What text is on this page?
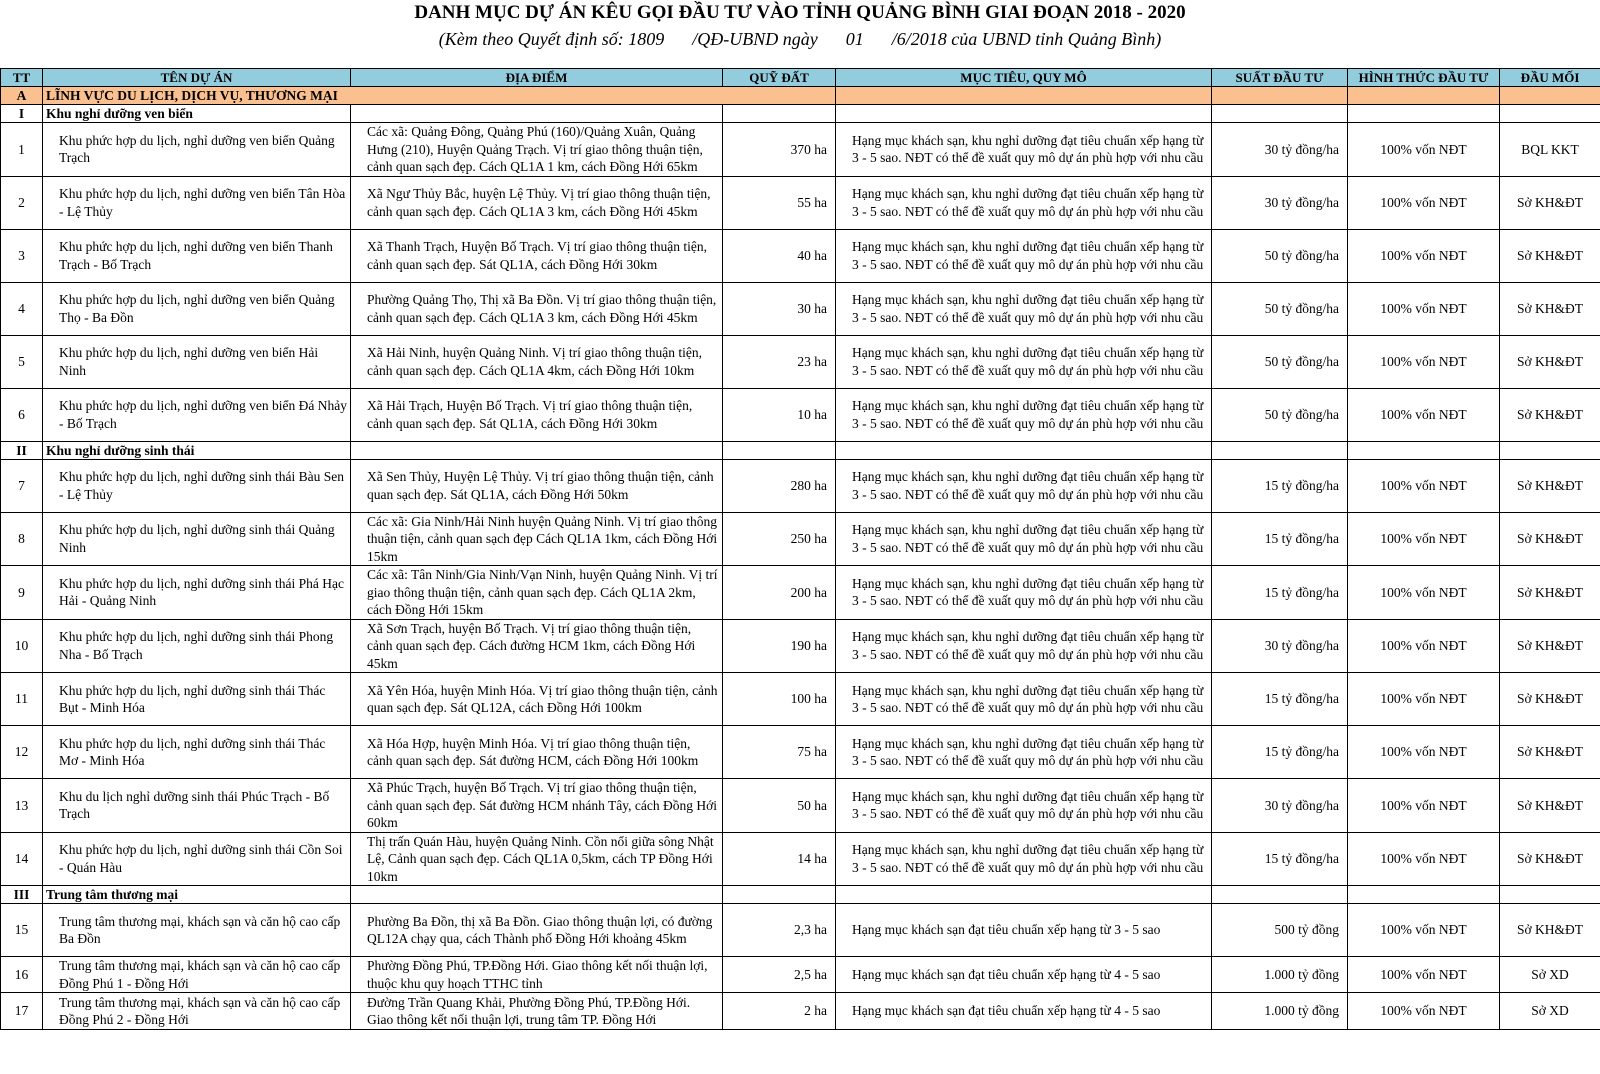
DANH MỤC DỰ ÁN KÊU GỌI ĐẦU TƯ VÀO TỈNH QUẢNG BÌNH GIAI ĐOẠN 2018 - 2020
(Kèm theo Quyết định số: 1809 /QĐ-UBND ngày 01 /6/2018 của UBND tỉnh Quảng Bình)
TT	TÊN DỰ ÁN	ĐỊA ĐIỂM	QUỸ ĐẤT	MỤC TIÊU, QUY MÔ	SUẤT ĐẦU TƯ	HÌNH THỨC ĐẦU TƯ	ĐẦU MỐI
A	LĨNH VỰC DU LỊCH, DỊCH VỤ, THƯƠNG MẠI						
I	Khu nghỉ dưỡng ven biển						
1	Khu phức hợp du lịch, nghỉ dưỡng ven biển Quảng Trạch	Các xã: Quảng Đông, Quảng Phú (160)/Quảng Xuân, Quảng Hưng (210), Huyện Quảng Trạch. Vị trí giao thông thuận tiện, cảnh quan sạch đẹp. Cách QL1A 1 km, cách Đồng Hới 65km	370 ha	Hạng mục khách sạn, khu nghỉ dưỡng đạt tiêu chuẩn xếp hạng từ 3 - 5 sao. NĐT có thể đề xuất quy mô dự án phù hợp với nhu cầu	30 tỷ đồng/ha	100% vốn NĐT	BQL KKT
2	Khu phức hợp du lịch, nghỉ dưỡng ven biển Tân Hòa - Lệ Thủy	Xã Ngư Thủy Bắc, huyện Lệ Thủy. Vị trí giao thông thuận tiện, cảnh quan sạch đẹp. Cách QL1A 3 km, cách Đồng Hới 45km	55 ha	Hạng mục khách sạn, khu nghỉ dưỡng đạt tiêu chuẩn xếp hạng từ 3 - 5 sao. NĐT có thể đề xuất quy mô dự án phù hợp với nhu cầu	30 tỷ đồng/ha	100% vốn NĐT	Sở KH&ĐT
3	Khu phức hợp du lịch, nghỉ dưỡng ven biển Thanh Trạch - Bố Trạch	Xã Thanh Trạch, Huyện Bố Trạch. Vị trí giao thông thuận tiện, cảnh quan sạch đẹp. Sát QL1A, cách Đồng Hới 30km	40 ha	Hạng mục khách sạn, khu nghỉ dưỡng đạt tiêu chuẩn xếp hạng từ 3 - 5 sao. NĐT có thể đề xuất quy mô dự án phù hợp với nhu cầu	50 tỷ đồng/ha	100% vốn NĐT	Sở KH&ĐT
4	Khu phức hợp du lịch, nghỉ dưỡng ven biển Quảng Thọ - Ba Đồn	Phường Quảng Thọ, Thị xã Ba Đồn. Vị trí giao thông thuận tiện, cảnh quan sạch đẹp. Cách QL1A 3 km, cách Đồng Hới 45km	30 ha	Hạng mục khách sạn, khu nghỉ dưỡng đạt tiêu chuẩn xếp hạng từ 3 - 5 sao. NĐT có thể đề xuất quy mô dự án phù hợp với nhu cầu	50 tỷ đồng/ha	100% vốn NĐT	Sở KH&ĐT
5	Khu phức hợp du lịch, nghỉ dưỡng ven biển Hải Ninh	Xã Hải Ninh, huyện Quảng Ninh. Vị trí giao thông thuận tiện, cảnh quan sạch đẹp. Cách QL1A 4km, cách Đồng Hới 10km	23 ha	Hạng mục khách sạn, khu nghỉ dưỡng đạt tiêu chuẩn xếp hạng từ 3 - 5 sao. NĐT có thể đề xuất quy mô dự án phù hợp với nhu cầu	50 tỷ đồng/ha	100% vốn NĐT	Sở KH&ĐT
6	Khu phức hợp du lịch, nghỉ dưỡng ven biển Đá Nhảy - Bố Trạch	Xã Hải Trạch, Huyện Bố Trạch. Vị trí giao thông thuận tiện, cảnh quan sạch đẹp. Sát QL1A, cách Đồng Hới 30km	10 ha	Hạng mục khách sạn, khu nghỉ dưỡng đạt tiêu chuẩn xếp hạng từ 3 - 5 sao. NĐT có thể đề xuất quy mô dự án phù hợp với nhu cầu	50 tỷ đồng/ha	100% vốn NĐT	Sở KH&ĐT
II	Khu nghỉ dưỡng sinh thái						
7	Khu phức hợp du lịch, nghỉ dưỡng sinh thái Bàu Sen - Lệ Thủy	Xã Sen Thủy, Huyện Lệ Thủy. Vị trí giao thông thuận tiện, cảnh quan sạch đẹp. Sát QL1A, cách Đồng Hới 50km	280 ha	Hạng mục khách sạn, khu nghỉ dưỡng đạt tiêu chuẩn xếp hạng từ 3 - 5 sao. NĐT có thể đề xuất quy mô dự án phù hợp với nhu cầu	15 tỷ đồng/ha	100% vốn NĐT	Sở KH&ĐT
8	Khu phức hợp du lịch, nghỉ dưỡng sinh thái Quảng Ninh	Các xã: Gia Ninh/Hải Ninh huyện Quảng Ninh. Vị trí giao thông thuận tiện, cảnh quan sạch đẹp Cách QL1A 1km, cách Đồng Hới 15km	250 ha	Hạng mục khách sạn, khu nghỉ dưỡng đạt tiêu chuẩn xếp hạng từ 3 - 5 sao. NĐT có thể đề xuất quy mô dự án phù hợp với nhu cầu	15 tỷ đồng/ha	100% vốn NĐT	Sở KH&ĐT
9	Khu phức hợp du lịch, nghỉ dưỡng sinh thái Phá Hạc Hải - Quảng Ninh	Các xã: Tân Ninh/Gia Ninh/Vạn Ninh, huyện Quảng Ninh. Vị trí giao thông thuận tiện, cảnh quan sạch đẹp. Cách QL1A 2km, cách Đồng Hới 15km	200 ha	Hạng mục khách sạn, khu nghỉ dưỡng đạt tiêu chuẩn xếp hạng từ 3 - 5 sao. NĐT có thể đề xuất quy mô dự án phù hợp với nhu cầu	15 tỷ đồng/ha	100% vốn NĐT	Sở KH&ĐT
10	Khu phức hợp du lịch, nghỉ dưỡng sinh thái Phong Nha - Bố Trạch	Xã Sơn Trạch, huyện Bố Trạch. Vị trí giao thông thuận tiện, cảnh quan sạch đẹp. Cách đường HCM 1km, cách Đồng Hới 45km	190 ha	Hạng mục khách sạn, khu nghỉ dưỡng đạt tiêu chuẩn xếp hạng từ 3 - 5 sao. NĐT có thể đề xuất quy mô dự án phù hợp với nhu cầu	30 tỷ đồng/ha	100% vốn NĐT	Sở KH&ĐT
11	Khu phức hợp du lịch, nghỉ dưỡng sinh thái Thác Bụt - Minh Hóa	Xã Yên Hóa, huyện Minh Hóa. Vị trí giao thông thuận tiện, cảnh quan sạch đẹp. Sát QL12A, cách Đồng Hới 100km	100 ha	Hạng mục khách sạn, khu nghỉ dưỡng đạt tiêu chuẩn xếp hạng từ 3 - 5 sao. NĐT có thể đề xuất quy mô dự án phù hợp với nhu cầu	15 tỷ đồng/ha	100% vốn NĐT	Sở KH&ĐT
12	Khu phức hợp du lịch, nghỉ dưỡng sinh thái Thác Mơ - Minh Hóa	Xã Hóa Hợp, huyện Minh Hóa. Vị trí giao thông thuận tiện, cảnh quan sạch đẹp. Sát đường HCM, cách Đồng Hới 100km	75 ha	Hạng mục khách sạn, khu nghỉ dưỡng đạt tiêu chuẩn xếp hạng từ 3 - 5 sao. NĐT có thể đề xuất quy mô dự án phù hợp với nhu cầu	15 tỷ đồng/ha	100% vốn NĐT	Sở KH&ĐT
13	Khu du lịch nghỉ dưỡng sinh thái Phúc Trạch - Bố Trạch	Xã Phúc Trạch, huyện Bố Trạch. Vị trí giao thông thuận tiện, cảnh quan sạch đẹp. Sát đường HCM nhánh Tây, cách Đồng Hới 60km	50 ha	Hạng mục khách sạn, khu nghỉ dưỡng đạt tiêu chuẩn xếp hạng từ 3 - 5 sao. NĐT có thể đề xuất quy mô dự án phù hợp với nhu cầu	30 tỷ đồng/ha	100% vốn NĐT	Sở KH&ĐT
14	Khu phức hợp du lịch, nghỉ dưỡng sinh thái Cồn Soi - Quán Hàu	Thị trấn Quán Hàu, huyện Quảng Ninh. Cồn nổi giữa sông Nhật Lệ, Cảnh quan sạch đẹp. Cách QL1A 0,5km, cách TP Đồng Hới 10km	14 ha	Hạng mục khách sạn, khu nghỉ dưỡng đạt tiêu chuẩn xếp hạng từ 3 - 5 sao. NĐT có thể đề xuất quy mô dự án phù hợp với nhu cầu	15 tỷ đồng/ha	100% vốn NĐT	Sở KH&ĐT
III	Trung tâm thương mại						
15	Trung tâm thương mại, khách sạn và căn hộ cao cấp Ba Đồn	Phường Ba Đồn, thị xã Ba Đồn. Giao thông thuận lợi, có đường QL12A chạy qua, cách Thành phố Đồng Hới khoảng 45km	2,3 ha	Hạng mục khách sạn đạt tiêu chuẩn xếp hạng từ 3 - 5 sao	500 tỷ đồng	100% vốn NĐT	Sở KH&ĐT
16	Trung tâm thương mại, khách sạn và căn hộ cao cấp Đồng Phú 1 - Đồng Hới	Phường Đồng Phú, TP.Đồng Hới. Giao thông kết nối thuận lợi, thuộc khu quy hoạch TTHC tỉnh	2,5 ha	Hạng mục khách sạn đạt tiêu chuẩn xếp hạng từ 4 - 5 sao	1.000 tỷ đồng	100% vốn NĐT	Sở XD
17	Trung tâm thương mại, khách sạn và căn hộ cao cấp Đồng Phú 2 - Đồng Hới	Đường Trần Quang Khải, Phường Đồng Phú, TP.Đồng Hới. Giao thông kết nối thuận lợi, trung tâm TP. Đồng Hới	2 ha	Hạng mục khách sạn đạt tiêu chuẩn xếp hạng từ 4 - 5 sao	1.000 tỷ đồng	100% vốn NĐT	Sở XD
